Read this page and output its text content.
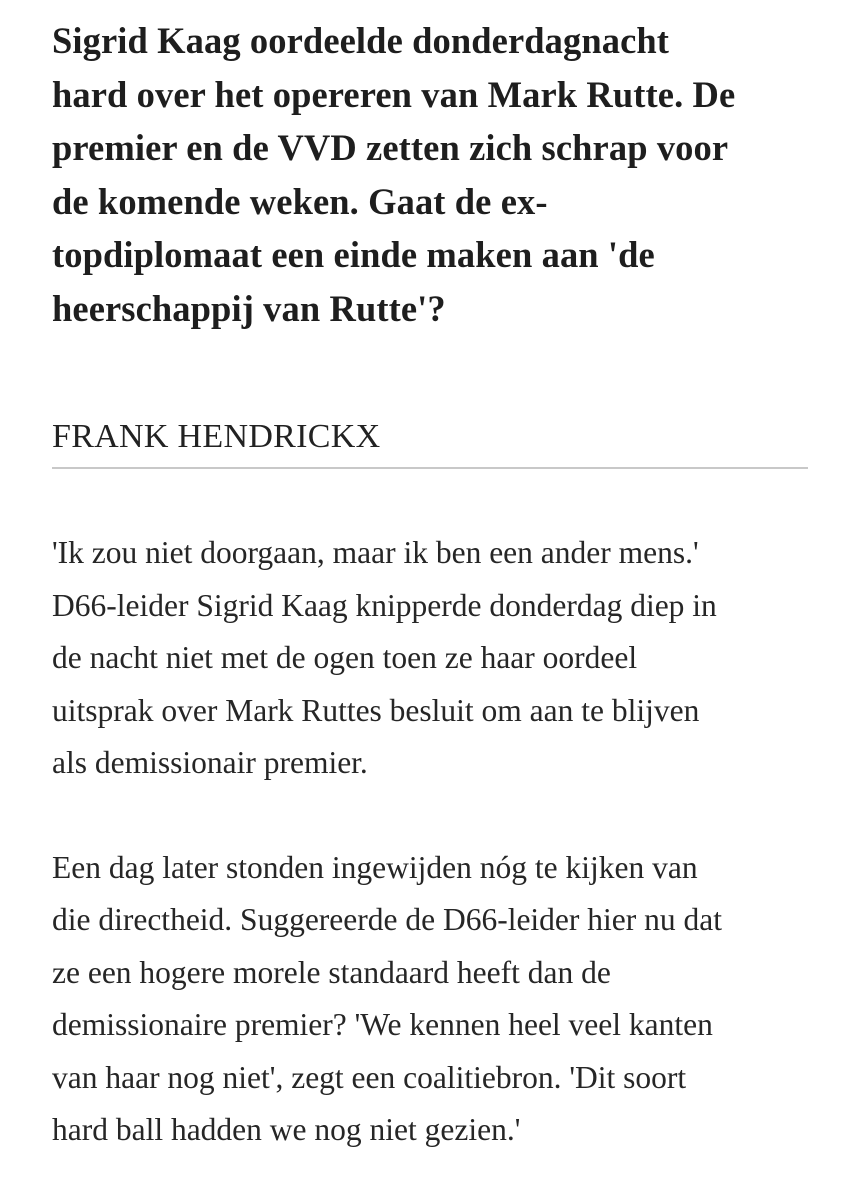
Sigrid Kaag oordeelde donderdagnacht
hard over het opereren van Mark Rutte. De
premier en de VVD zetten zich schrap voor
de komende weken. Gaat de ex-
topdiplomaat een einde maken aan 'de
heerschappij van Rutte'?
FRANK HENDRICKX

'Ik zou niet doorgaan, maar ik ben een ander mens.'
D66-leider Sigrid Kaag knipperde donderdag diep in
de nacht niet met de ogen toen ze haar oordeel
uitsprak over Mark Ruttes besluit om aan te blijven
als demissionair premier.

Een dag later stonden ingewijden nóg te kijken van
die directheid. Suggereerde de D66-leider hier nu dat
ze een hogere morele standaard heeft dan de
demissionaire premier? 'We kennen heel veel kanten
van haar nog niet', zegt een coalitiebron. 'Dit soort
hard ball hadden we nog niet gezien.'
